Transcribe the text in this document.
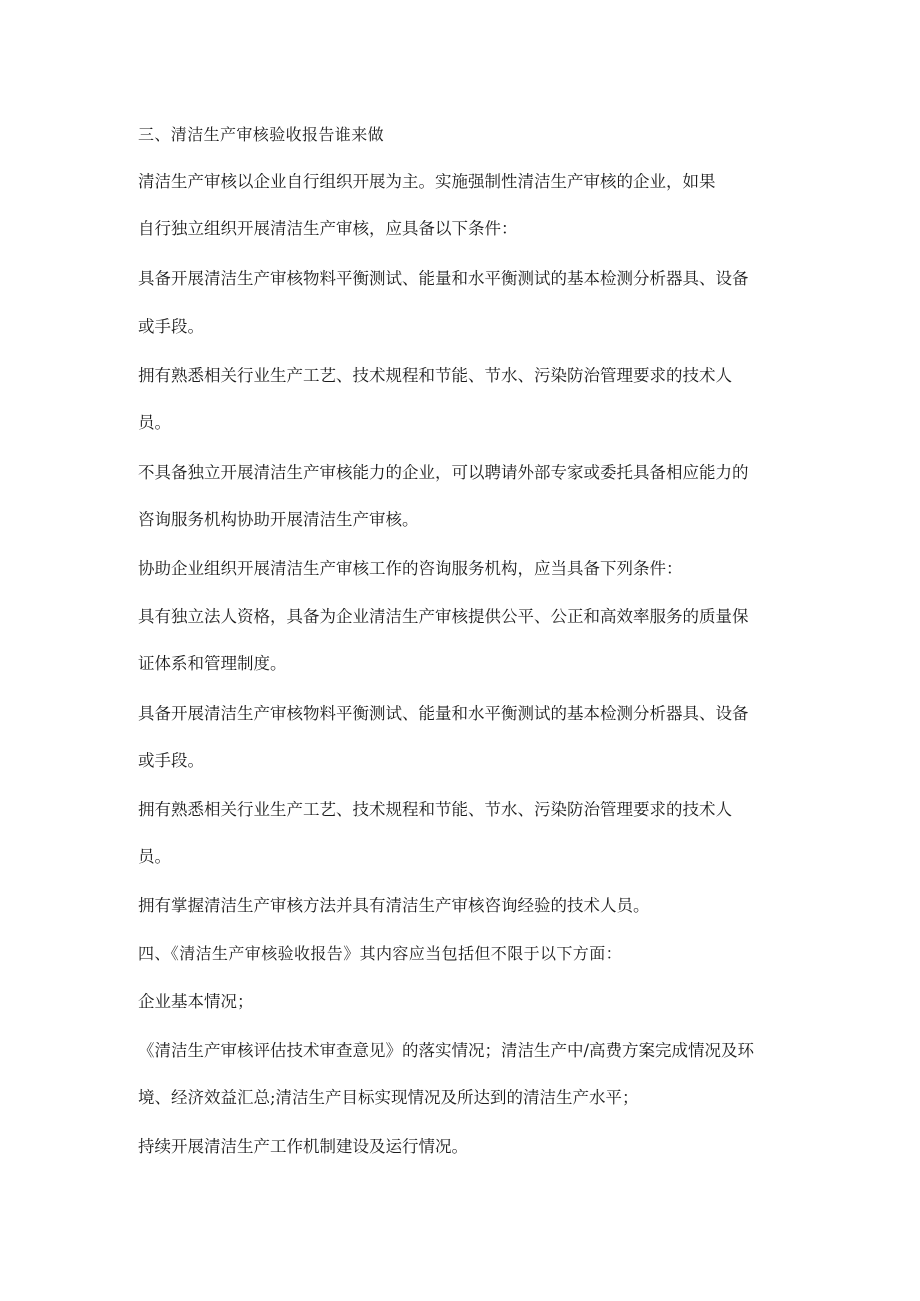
三、清洁生产审核验收报告谁来做

清洁生产审核以企业自行组织开展为主。实施强制性清洁生产审核的企业，如果

自行独立组织开展清洁生产审核，应具备以下条件：

具备开展清洁生产审核物料平衡测试、能量和水平衡测试的基本检测分析器具、设备

或手段。

拥有熟悉相关行业生产工艺、技术规程和节能、节水、污染防治管理要求的技术人

员。

不具备独立开展清洁生产审核能力的企业，可以聘请外部专家或委托具备相应能力的

咨询服务机构协助开展清洁生产审核。

协助企业组织开展清洁生产审核工作的咨询服务机构，应当具备下列条件：

具有独立法人资格，具备为企业清洁生产审核提供公平、公正和高效率服务的质量保

证体系和管理制度。

具备开展清洁生产审核物料平衡测试、能量和水平衡测试的基本检测分析器具、设备

或手段。

拥有熟悉相关行业生产工艺、技术规程和节能、节水、污染防治管理要求的技术人

员。

拥有掌握清洁生产审核方法并具有清洁生产审核咨询经验的技术人员。

四、《清洁生产审核验收报告》其内容应当包括但不限于以下方面：

企业基本情况；

《清洁生产审核评估技术审查意见》的落实情况；清洁生产中/高费方案完成情况及环

境、经济效益汇总;清洁生产目标实现情况及所达到的清洁生产水平；

持续开展清洁生产工作机制建设及运行情况。
